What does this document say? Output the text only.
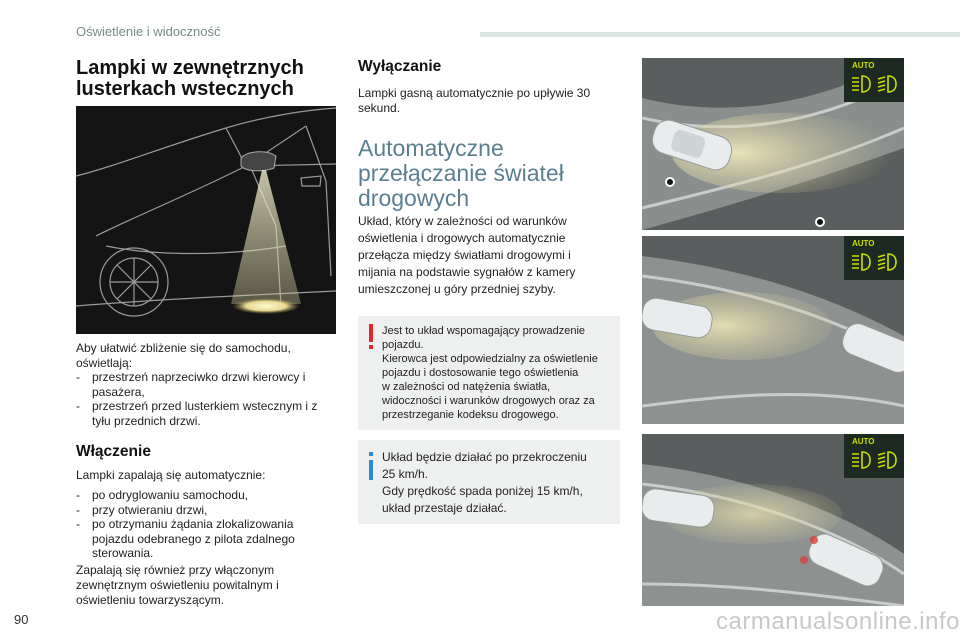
Oświetlenie i widoczność
Lampki w zewnętrznych
lusterkach wstecznych

Aby ułatwić zbliżenie się do samochodu,
oświetlają:

- przestrzeń naprzeciwko drzwi kierowcy i
pasażera,
- przestrzeń przed lusterkiem wstecznym i z
tyłu przednich drzwi.
Włączenie

Lampki zapalają się automatycznie:

- po odryglowaniu samochodu,
- przy otwieraniu drzwi,
- po otrzymaniu żądania zlokalizowania
pojazdu odebranego z pilota zdalnego
sterowania.

Zapalają się również przy włączonym
zewnętrznym oświetleniu powitalnym i
oświetleniu towarzyszącym.

Wyłączanie

Lampki gasną automatycznie po upływie 30
sekund.

Automatyczne
przełączanie świateł
drogowych

Układ, który w zależności od warunków
oświetlenia i drogowych automatycznie
przełącza między światłami drogowymi i
mijania na podstawie sygnałów z kamery
umieszczonej u góry przedniej szyby.

Jest to układ wspomagający prowadzenie
pojazdu.
Kierowca jest odpowiedzialny za oświetlenie
pojazdu i dostosowanie tego oświetlenia
w zależności od natężenia światła,
widoczności i warunków drogowych oraz za
przestrzeganie kodeksu drogowego.
Układ będzie działać po przekroczeniu
25 km/h.
Gdy prędkość spada poniżej 15 km/h,
układ przestaje działać.
AUTO
AUTO
AUTO
90	carmanualsonline.info
